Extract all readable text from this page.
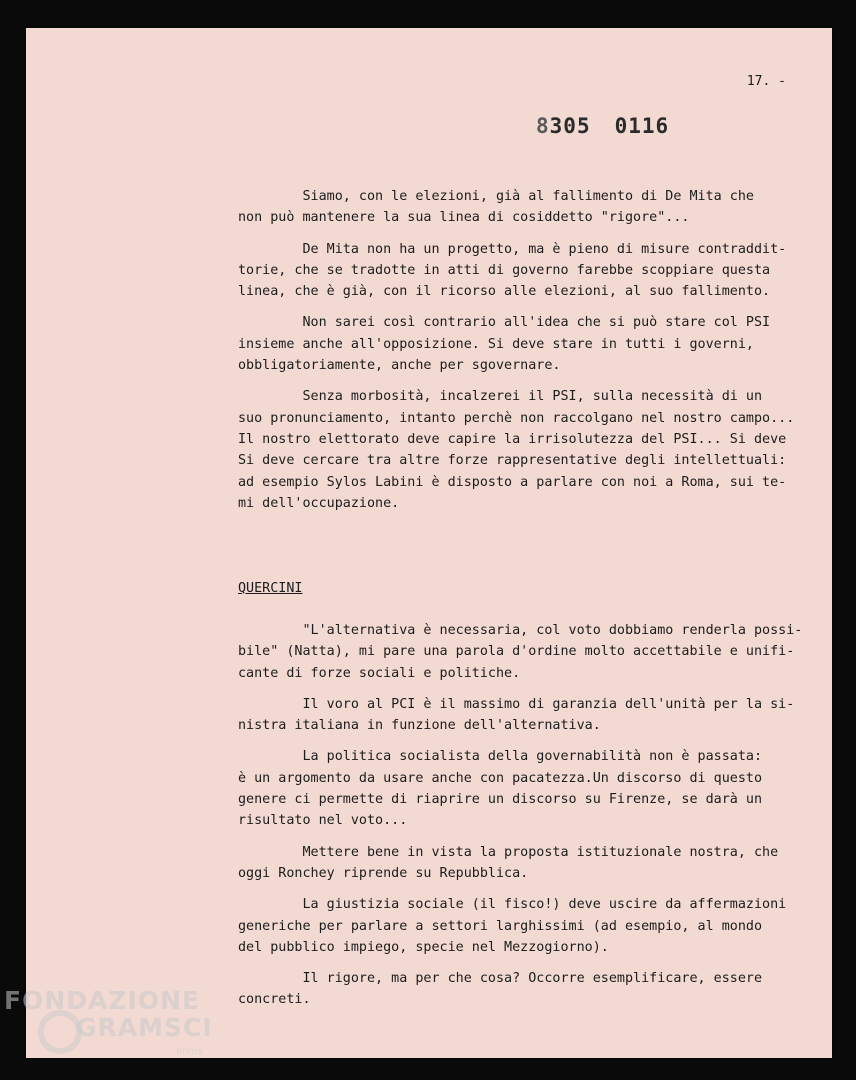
17. -
8305 0116

Siamo, con le elezioni, già al fallimento di De Mita che
non può mantenere la sua linea di cosiddetto "rigore"...

De Mita non ha un progetto, ma è pieno di misure contraddit-
torie, che se tradotte in atti di governo farebbe scoppiare questa
linea, che è già, con il ricorso alle elezioni, al suo fallimento.

Non sarei così contrario all'idea che si può stare col PSI
insieme anche all'opposizione. Si deve stare in tutti i governi,
obbligatoriamente, anche per sgovernare.

Senza morbosità, incalzerei il PSI, sulla necessità di un
suo pronunciamento, intanto perchè non raccolgano nel nostro campo...
Il nostro elettorato deve capire la irrisolutezza del PSI... Si deve
Si deve cercare tra altre forze rappresentative degli intellettuali:
ad esempio Sylos Labini è disposto a parlare con noi a Roma, sui te-
mi dell'occupazione.

QUERCINI

"L'alternativa è necessaria, col voto dobbiamo renderla possi-
bile" (Natta), mi pare una parola d'ordine molto accettabile e unifi-
cante di forze sociali e politiche.

Il voro al PCI è il massimo di garanzia dell'unità per la si-
nistra italiana in funzione dell'alternativa.

La politica socialista della governabilità non è passata:
è un argomento da usare anche con pacatezza.Un discorso di questo
genere ci permette di riaprire un discorso su Firenze, se darà un
risultato nel voto...

Mettere bene in vista la proposta istituzionale nostra, che
oggi Ronchey riprende su Repubblica.

La giustizia sociale (il fisco!) deve uscire da affermazioni
generiche per parlare a settori larghissimi (ad esempio, al mondo
del pubblico impiego, specie nel Mezzogiorno).

Il rigore, ma per che cosa? Occorre esemplificare, essere
concreti.

FONDAZIONE
GRAMSCI
onlus
